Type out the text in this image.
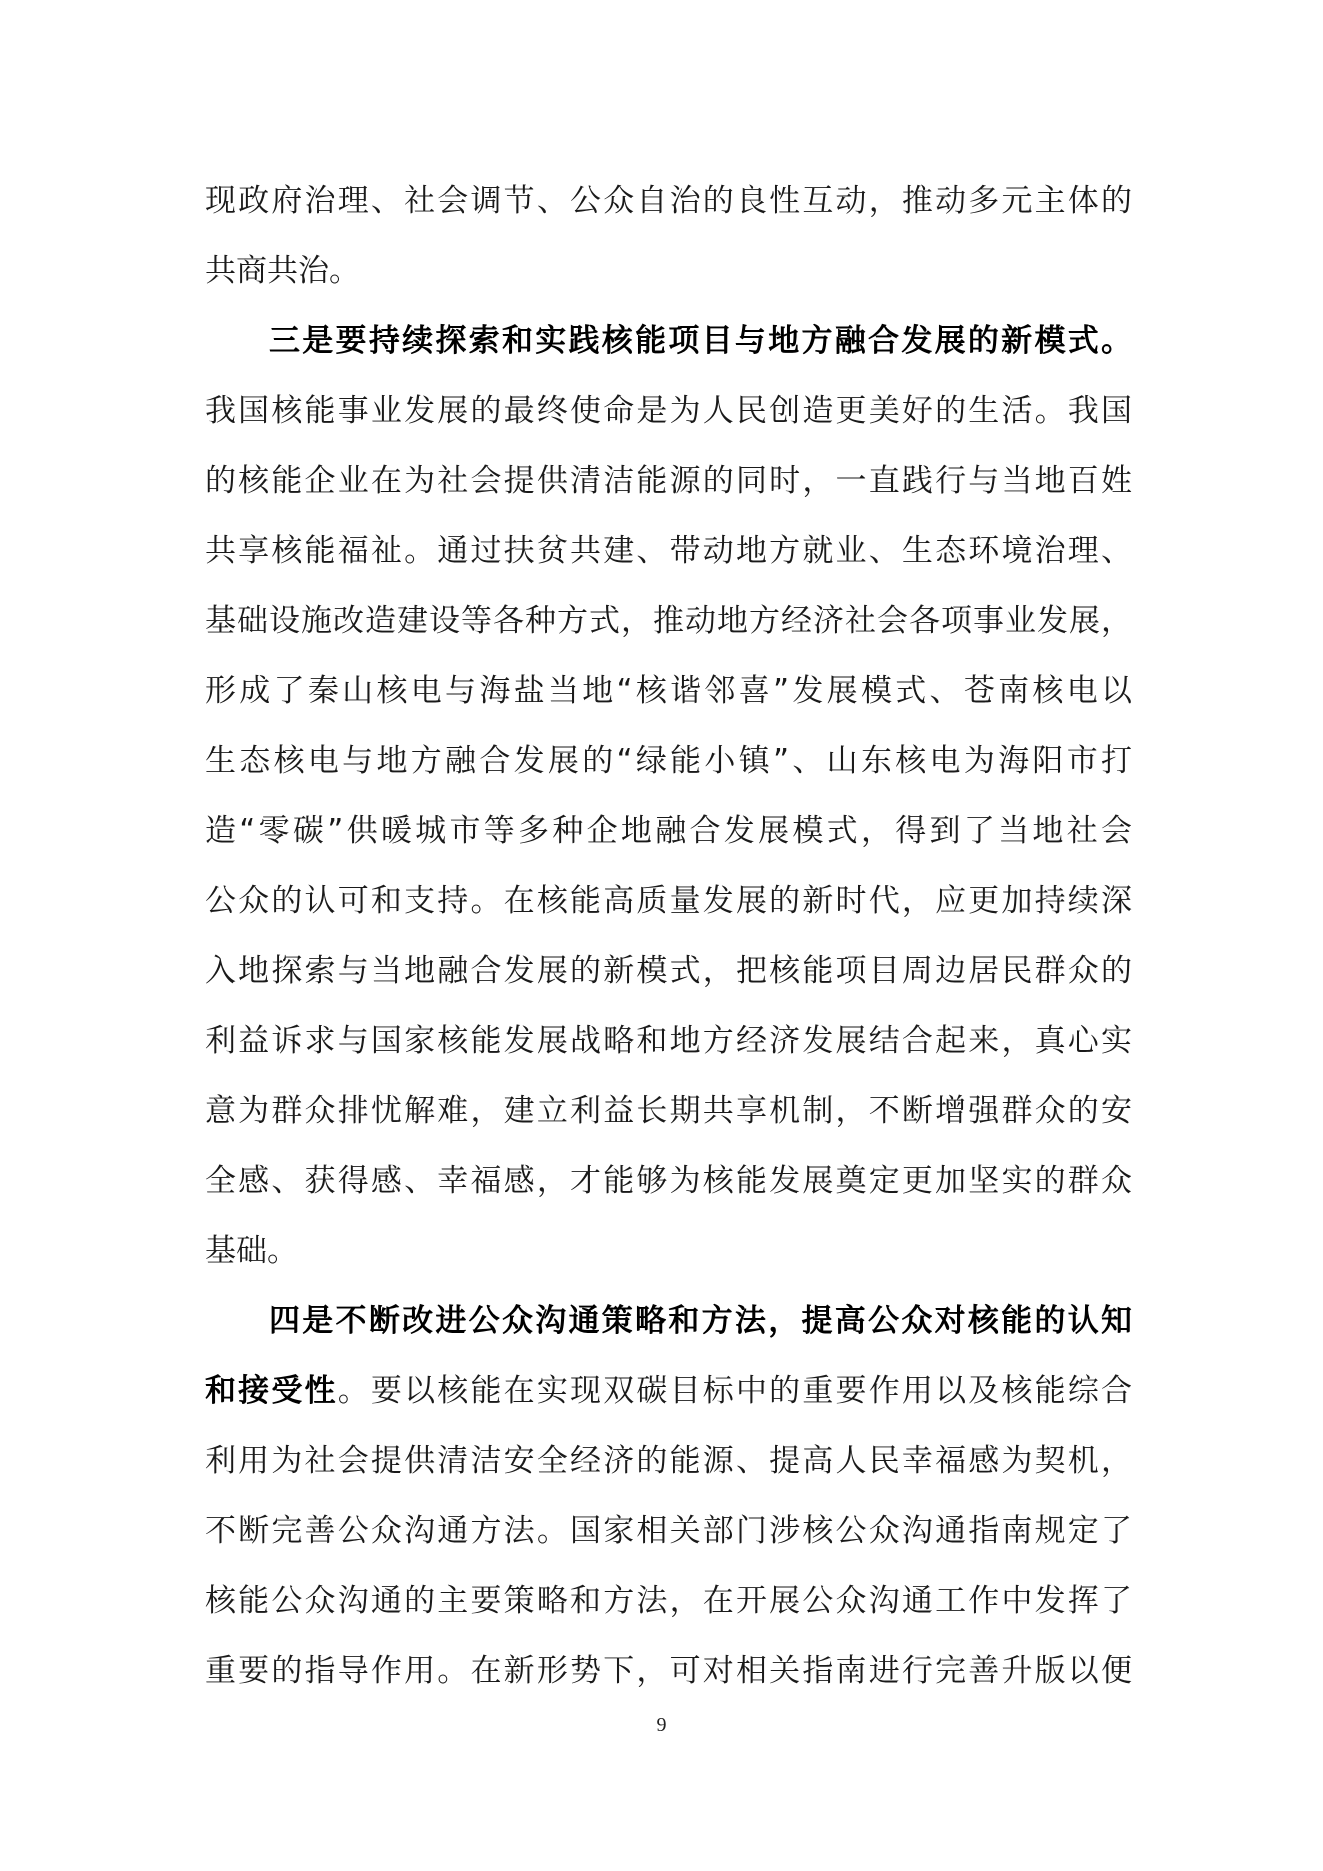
现政府治理、社会调节、公众自治的良性互动，推动多元主体的
共商共治。
三是要持续探索和实践核能项目与地方融合发展的新模式。
我国核能事业发展的最终使命是为人民创造更美好的生活。我国
的核能企业在为社会提供清洁能源的同时，一直践行与当地百姓
共享核能福祉。通过扶贫共建、带动地方就业、生态环境治理、
基础设施改造建设等各种方式，推动地方经济社会各项事业发展，
形成了秦山核电与海盐当地“核谐邻喜”发展模式、苍南核电以
生态核电与地方融合发展的“绿能小镇”、山东核电为海阳市打
造“零碳”供暖城市等多种企地融合发展模式，得到了当地社会
公众的认可和支持。在核能高质量发展的新时代，应更加持续深
入地探索与当地融合发展的新模式，把核能项目周边居民群众的
利益诉求与国家核能发展战略和地方经济发展结合起来，真心实
意为群众排忧解难，建立利益长期共享机制，不断增强群众的安
全感、获得感、幸福感，才能够为核能发展奠定更加坚实的群众
基础。
四是不断改进公众沟通策略和方法，提高公众对核能的认知
和接受性。要以核能在实现双碳目标中的重要作用以及核能综合
利用为社会提供清洁安全经济的能源、提高人民幸福感为契机，
不断完善公众沟通方法。国家相关部门涉核公众沟通指南规定了
核能公众沟通的主要策略和方法，在开展公众沟通工作中发挥了
重要的指导作用。在新形势下，可对相关指南进行完善升版以便
9
